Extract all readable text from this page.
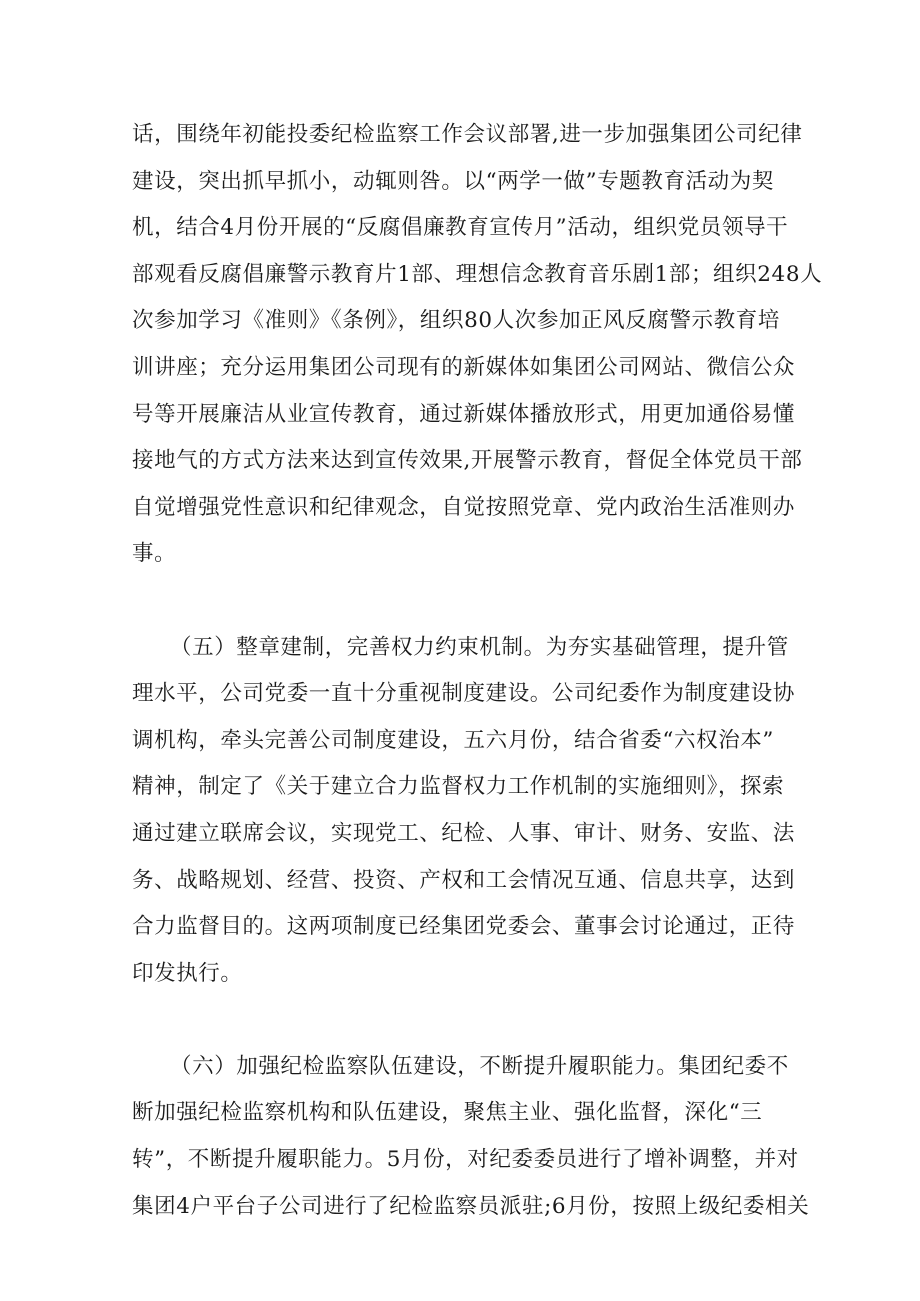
话，围绕年初能投委纪检监察工作会议部署,进一步加强集团公司纪律
建设，突出抓早抓小，动辄则咎。以“两学一做”专题教育活动为契
机，结合4月份开展的“反腐倡廉教育宣传月”活动，组织党员领导干
部观看反腐倡廉警示教育片1部、理想信念教育音乐剧1部；组织248人
次参加学习《准则》《条例》，组织80人次参加正风反腐警示教育培
训讲座；充分运用集团公司现有的新媒体如集团公司网站、微信公众
号等开展廉洁从业宣传教育，通过新媒体播放形式，用更加通俗易懂
接地气的方式方法来达到宣传效果,开展警示教育，督促全体党员干部
自觉增强党性意识和纪律观念，自觉按照党章、党内政治生活准则办
事。
（五）整章建制，完善权力约束机制。为夯实基础管理，提升管
理水平，公司党委一直十分重视制度建设。公司纪委作为制度建设协
调机构，牵头完善公司制度建设，五六月份，结合省委“六权治本”
精神，制定了《关于建立合力监督权力工作机制的实施细则》，探索
通过建立联席会议，实现党工、纪检、人事、审计、财务、安监、法
务、战略规划、经营、投资、产权和工会情况互通、信息共享，达到
合力监督目的。这两项制度已经集团党委会、董事会讨论通过，正待
印发执行。
（六）加强纪检监察队伍建设，不断提升履职能力。集团纪委不
断加强纪检监察机构和队伍建设，聚焦主业、强化监督，深化“三
转”，不断提升履职能力。5月份，对纪委委员进行了增补调整，并对
集团4户平台子公司进行了纪检监察员派驻;6月份，按照上级纪委相关
